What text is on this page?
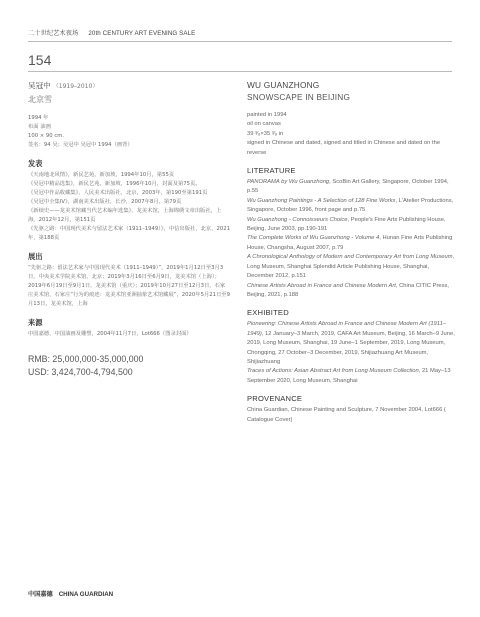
二十世纪艺术夜场 20th CENTURY ART EVENING SALE
154
吴冠中 （1919–2010）
北京雪

1994 年

布面 油画

100 × 90 cm.

签名：94 吴；吴冠中 吴冠中 1994（画背）

发表

《天南地北风情》，新民艺苑，新加坡，1994年10月，第55页

《吴冠中精品选集》，新民艺苑，新加坡，1996年10月，封面及第75页。

《吴冠中作品收藏集》，人民美术出版社，北京，2003年，第190至第191页

《吴冠中全集IV》，湖南美术出版社，长沙，2007年8月，第79页

《新续史——龙美术馆藏当代艺术编年选集》，龙美术馆，上海锦绣文章出版社，上海，2012年12月，第151页

《先驱之路：中国现代美术与留法艺术家（1911–1949）》，中信出版社，北京，2021年，第188页

展出

“先驱之路：留法艺术家与中国现代美术（1911–1949）”，2019年1月12日至3月3日，中央美术学院美术馆，北京；2019年3月16日至6月9日，龙美术馆（上海）；2019年6月19日至9月1日，龙美术馆（重庆）；2019年10月27日至12月3日，石家庄美术馆，石家庄“行为的痕迹：龙美术馆亚洲抽象艺术馆藏展”，2020年5月21日至9月13日，龙美术馆，上海

来源

中国嘉德，中国油画及雕塑，2004年11月7日，Lot666（图录封面）

RMB: 25,000,000-35,000,000
USD: 3,424,700-4,794,500
WU GUANZHONG
SNOWSCAPE IN BEIJING

painted in 1994

oil on canvas

39 ³⁄₈×35 ³⁄₈ in

signed in Chinese and dated, signed and titled in Chinese and dated on the reverse

LITERATURE

PANORAMA by Wu Guanzhong, ScoBin Art Gallery, Singapore, October 1994, p.55

Wu Guanzhong Paintings - A Selection of 128 Fine Works, L'Atelier Productions, Singapore, October 1996, front page and p.75

Wu Guanzhong - Connoisseurs Choice, People's Fine Arts Publishing House, Beijing, June 2003, pp.190-191

The Complete Works of Wu Guanzhong - Volume 4, Hunan Fine Arts Publishing House, Changsha, August 2007, p.79

A Chronological Anthology of Modern and Contemporary Art from Long Museum, Long Museum, Shanghai Splendid Article Publishing House, Shanghai, December 2012, p.151

Chinese Artists Abroad in France and Chinese Modern Art, China CITIC Press, Beijing, 2021, p.188

EXHIBITED

Pioneering: Chinese Artists Abroad in France and Chinese Modern Art (1911–1949), 12 January–3 March, 2019, CAFA Art Museum, Beijing, 16 March–9 June, 2019, Long Museum, Shanghai, 19 June–1 September, 2019, Long Museum, Chongqing, 27 October–3 December, 2019, Shijiazhuang Art Museum, Shijiazhuang

Traces of Actions: Asian Abstract Art from Long Museum Collection, 21 May–13 September 2020, Long Museum, Shanghai

PROVENANCE

China Guardian, Chinese Painting and Sculpture, 7 November 2004, Lot666 ( Catalogue Cover)

中国嘉德 CHINA GUARDIAN
